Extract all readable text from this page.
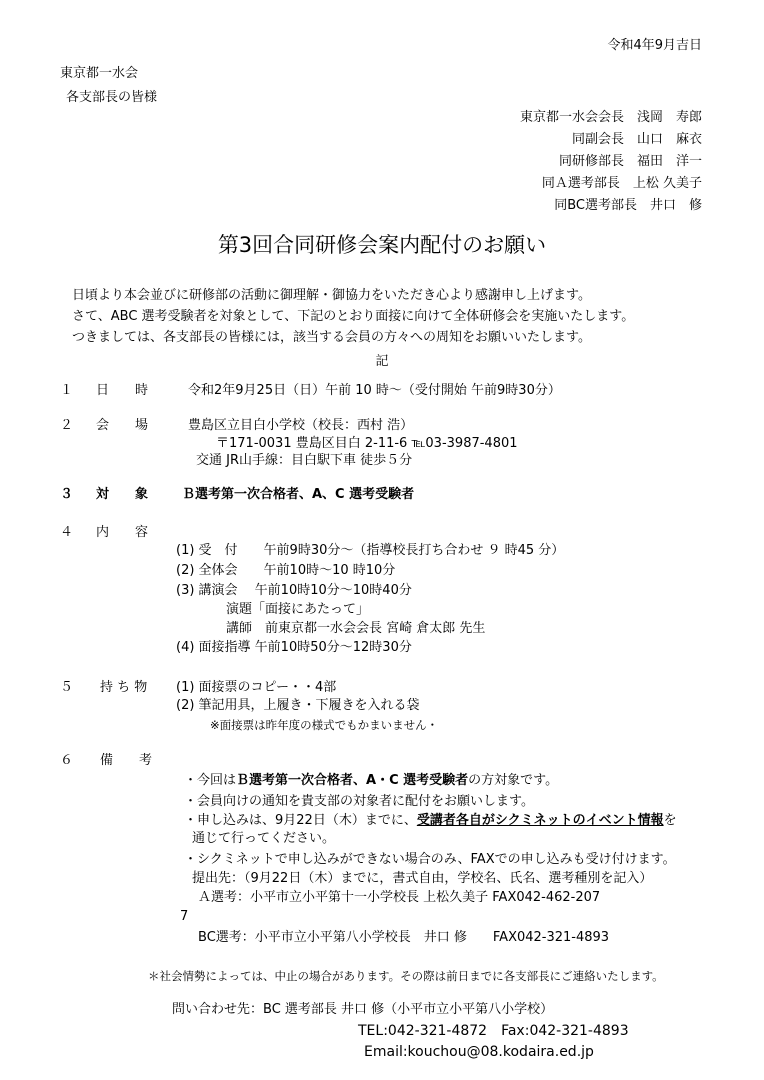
令和4年9月吉日
東京都一水会
各支部長の皆様
東京都一水会会長　 浅岡　寿郎
同副会長　 山口　麻衣
同研修部長　 福田　洋一
同Ａ選考部長　 上松 久美子
同BC選考部長　 井口　修
第3回合同研修会案内配付のお願い
日頃より本会並びに研修部の活動に御理解・御協力をいただき心より感謝申し上げます。
さて、ABC 選考受験者を対象として、下記のとおり面接に向けて全体研修会を実施いたします。
つきましては、各支部長の皆様には，該当する会員の方々への周知をお願いいたします。
記
１ 日　　時	令和2年9月25日（日）午前 10 時～（受付開始 午前9時30分）
２ 会　　場	豊島区立目白小学校（校長：西村 浩）
〒171-0031 豊島区目白 2-11-6 ℡03-3987-4801
交通 JR山手線：目白駅下車 徒歩５分
３ 対　　象	Ｂ選考第一次合格者、A、C 選考受験者
４ 内　　容
(1) 受　付　　午前9時30分～（指導校長打ち合わせ ９ 時45 分）
(2) 全体会　　午前10時～10 時10分
(3) 講演会　 午前10時10分～10時40分
演題「面接にあたって」
講師　前東京都一水会会長 宮崎 倉太郎 先生
(4) 面接指導 午前10時50分～12時30分
５ 持 ち 物 (1) 面接票のコピー・・4部
(2) 筆記用具，上履き・下履きを入れる袋
※面接票は昨年度の様式でもかまいません・
６ 備　　考
・今回はＢ選考第一次合格者、A・C 選考受験者の方対象です。
・会員向けの通知を貴支部の対象者に配付をお願いします。
・申し込みは、9月22日（木）までに、受講者各自がシクミネットのイベント情報を
通じて行ってください。
・シクミネットで申し込みができない場合のみ、FAXでの申し込みも受け付けます。
提出先：（9月22日（木）までに，書式自由，学校名、氏名、選考種別を記入）
Ａ選考：小平市立小平第十一小学校長 上松久美子 FAX042-462-207
7
BC選考：小平市立小平第八小学校長　井口 修　　FAX042-321-4893
＊社会情勢によっては、中止の場合があります。その際は前日までに各支部長にご連絡いたします。
問い合わせ先：BC 選考部長 井口 修（小平市立小平第八小学校）
TEL:042-321-4872　Fax:042-321-4893
Email:kouchou@08.kodaira.ed.jp
